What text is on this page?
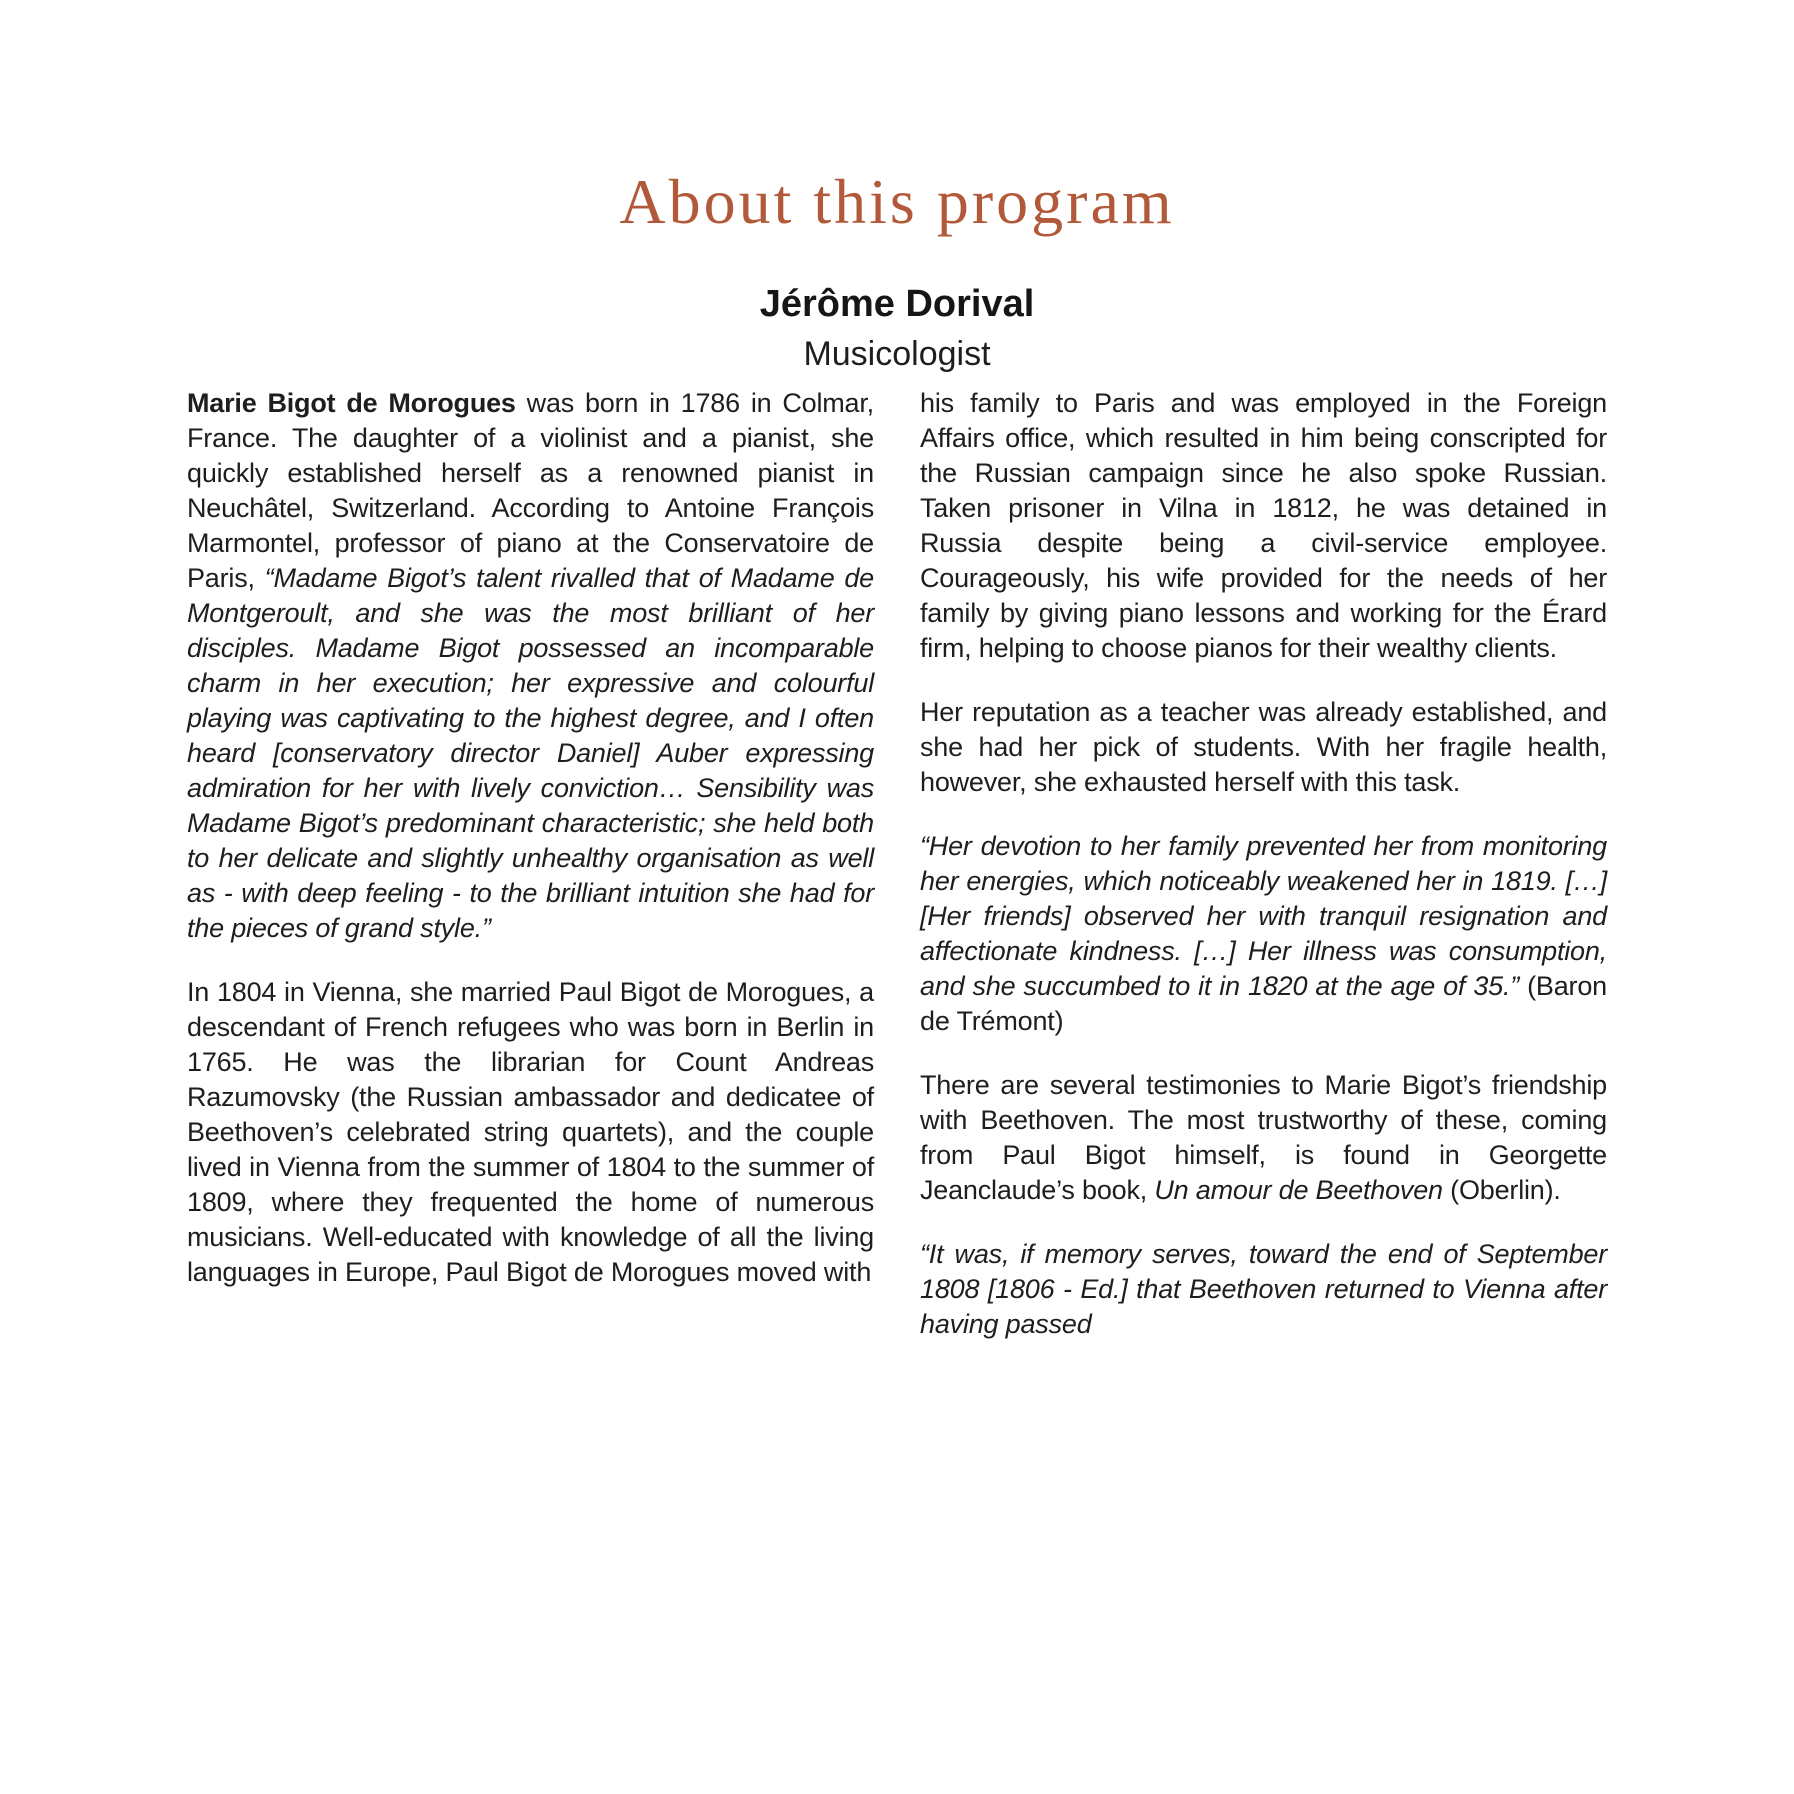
About this program
Jérôme Dorival
Musicologist

Marie Bigot de Morogues was born in 1786 in Colmar, France. The daughter of a violinist and a pianist, she quickly established herself as a renowned pianist in Neuchâtel, Switzerland. According to Antoine François Marmontel, professor of piano at the Conservatoire de Paris, “Madame Bigot’s talent rivalled that of Madame de Montgeroult, and she was the most brilliant of her disciples. Madame Bigot possessed an incomparable charm in her execution; her expressive and colourful playing was captivating to the highest degree, and I often heard [conservatory director Daniel] Auber expressing admiration for her with lively conviction… Sensibility was Madame Bigot’s predominant characteristic; she held both to her delicate and slightly unhealthy organisation as well as - with deep feeling - to the brilliant intuition she had for the pieces of grand style.”

In 1804 in Vienna, she married Paul Bigot de Morogues, a descendant of French refugees who was born in Berlin in 1765. He was the librarian for Count Andreas Razumovsky (the Russian ambassador and dedicatee of Beethoven’s celebrated string quartets), and the couple lived in Vienna from the summer of 1804 to the summer of 1809, where they frequented the home of numerous musicians. Well-educated with knowledge of all the living languages in Europe, Paul Bigot de Morogues moved with

his family to Paris and was employed in the Foreign Affairs office, which resulted in him being conscripted for the Russian campaign since he also spoke Russian. Taken prisoner in Vilna in 1812, he was detained in Russia despite being a civil-service employee. Courageously, his wife provided for the needs of her family by giving piano lessons and working for the Érard firm, helping to choose pianos for their wealthy clients.

Her reputation as a teacher was already established, and she had her pick of students. With her fragile health, however, she exhausted herself with this task.

“Her devotion to her family prevented her from monitoring her energies, which noticeably weakened her in 1819. […] [Her friends] observed her with tranquil resignation and affectionate kindness. […] Her illness was consumption, and she succumbed to it in 1820 at the age of 35.” (Baron de Trémont)

There are several testimonies to Marie Bigot’s friendship with Beethoven. The most trustworthy of these, coming from Paul Bigot himself, is found in Georgette Jeanclaude’s book, Un amour de Beethoven (Oberlin).

“It was, if memory serves, toward the end of September 1808 [1806 - Ed.] that Beethoven returned to Vienna after having passed
